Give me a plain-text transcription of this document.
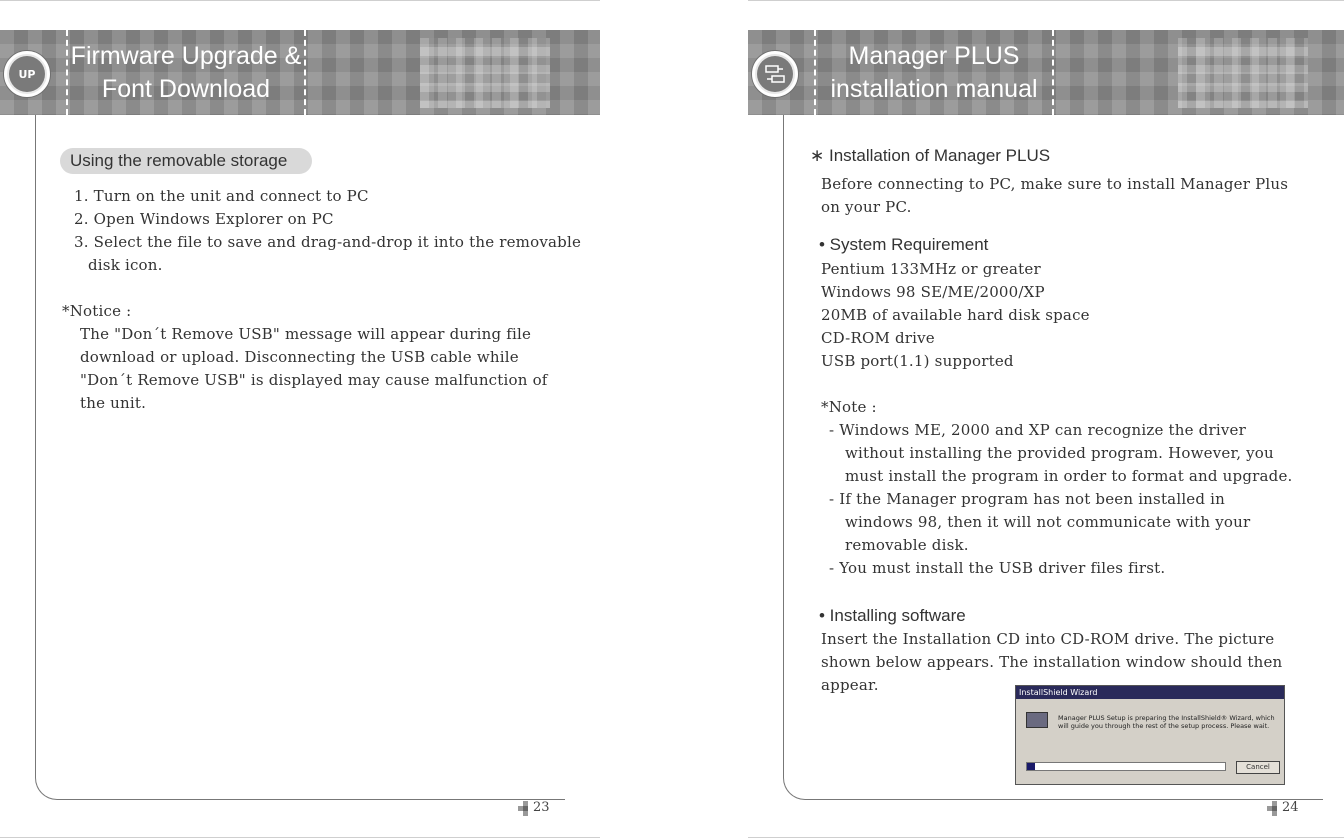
UP
Firmware Upgrade &
Font Download
Using the removable storage
1. Turn on the unit and connect to PC
2. Open Windows Explorer on PC
3. Select the file to save and drag-and-drop it into the removable
disk icon.
*Notice :
The "Don´t Remove USB" message will appear during file
download or upload. Disconnecting the USB cable while
"Don´t Remove USB" is displayed may cause malfunction of
the unit.
23
Manager PLUS
installation manual
∗ Installation of Manager PLUS
Before connecting to PC, make sure to install Manager Plus
on your PC.
• System Requirement
Pentium 133MHz or greater
Windows 98 SE/ME/2000/XP
20MB of available hard disk space
CD-ROM drive
USB port(1.1) supported
*Note :
- Windows ME, 2000 and XP can recognize the driver
without installing the provided program. However, you
must install the program in order to format and upgrade.
- If the Manager program has not been installed in
windows 98, then it will not communicate with your
removable disk.
- You must install the USB driver files first.
• Installing software
Insert the Installation CD into CD-ROM drive. The picture
shown below appears. The installation window should then
appear.
24
InstallShield Wizard
Manager PLUS Setup is preparing the InstallShield® Wizard, which will guide you through the rest of the setup process. Please wait.
Cancel
